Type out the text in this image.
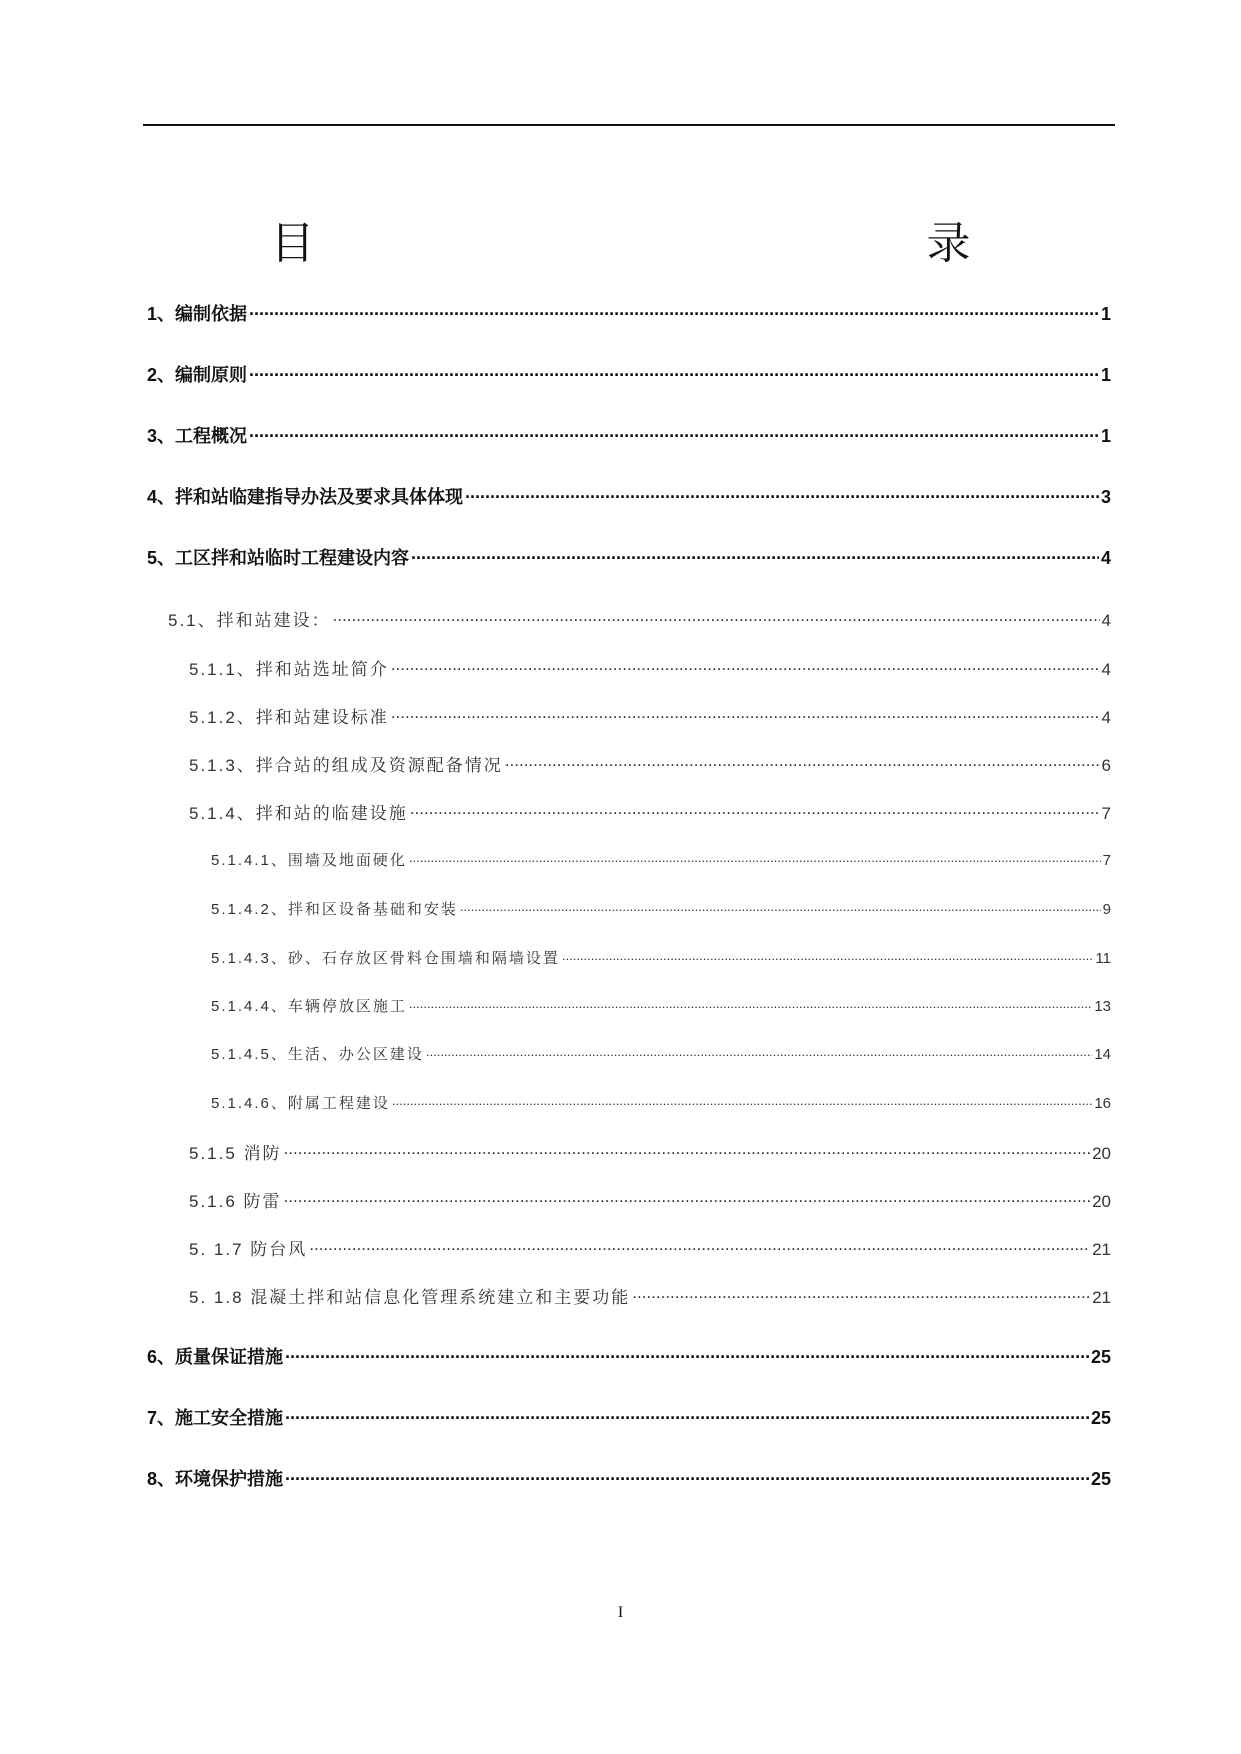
目　　　录
1、编制依据 .....	1
2、编制原则 .....	1
3、工程概况 .....	1
4、拌和站临建指导办法及要求具体体现 .....	3
5、工区拌和站临时工程建设内容 .....	4
5.1、拌和站建设： .....	4
5.1.1、拌和站选址简介 .....	4
5.1.2、拌和站建设标准 .....	4
5.1.3、拌合站的组成及资源配备情况 .....	6
5.1.4、拌和站的临建设施 .....	7
5.1.4.1、围墙及地面硬化 .....	7
5.1.4.2、拌和区设备基础和安装 .....	9
5.1.4.3、砂、石存放区骨料仓围墙和隔墙设置 .....	11
5.1.4.4、车辆停放区施工 .....	13
5.1.4.5、生活、办公区建设 .....	14
5.1.4.6、附属工程建设 .....	16
5.1.5 消防 .....	20
5.1.6 防雷 .....	20
5. 1.7 防台风 .....	21
5. 1.8 混凝土拌和站信息化管理系统建立和主要功能 .....	21
6、质量保证措施 .....	25
7、施工安全措施 .....	25
8、环境保护措施 .....	25
I
